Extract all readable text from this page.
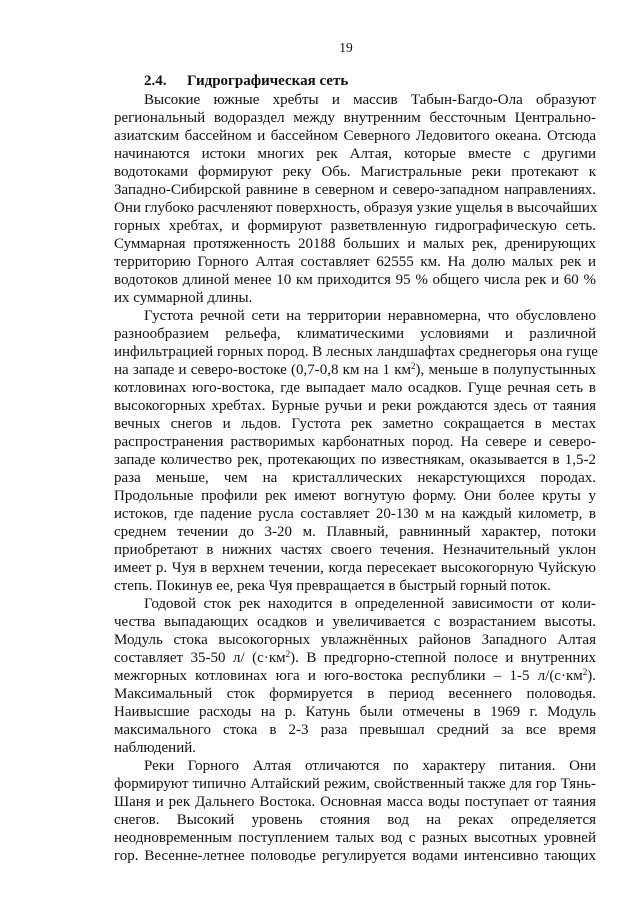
19
2.4. Гидрографическая сеть
Высокие южные хребты и массив Табын-Багдо-Ола образуют
региональный водораздел между внутренним бессточным Центрально-
азиатским бассейном и бассейном Северного Ледовитого океана. Отсюда
начинаются истоки многих рек Алтая, которые вместе с другими
водотоками формируют реку Обь. Магистральные реки протекают к
Западно-Сибирской равнине в северном и северо-западном направлениях.
Они глубоко расчленяют поверхность, образуя узкие ущелья в высочайших
горных хребтах, и формируют разветвленную гидрографическую сеть.
Суммарная протяженность 20188 больших и малых рек, дренирующих
территорию Горного Алтая составляет 62555 км. На долю малых рек и
водотоков длиной менее 10 км приходится 95 % общего числа рек и 60 %
их суммарной длины.
Густота речной сети на территории неравномерна, что обусловлено
разнообразием рельефа, климатическими условиями и различной
инфильтрацией горных пород. В лесных ландшафтах среднегорья она гуще
на западе и северо-востоке (0,7-0,8 км на 1 $км^2$), меньше в полупустынных
котловинах юго-востока, где выпадает мало осадков. Гуще речная сеть в
высокогорных хребтах. Бурные ручьи и реки рождаются здесь от таяния
вечных снегов и льдов. Густота рек заметно сокращается в местах
распространения растворимых карбонатных пород. На севере и северо-
западе количество рек, протекающих по известнякам, оказывается в 1,5-2
раза меньше, чем на кристаллических некарстующихся породах.
Продольные профили рек имеют вогнутую форму. Они более круты у
истоков, где падение русла составляет 20-130 м на каждый километр, в
среднем течении до 3-20 м. Плавный, равнинный характер, потоки
приобретают в нижних частях своего течения. Незначительный уклон
имеет р. Чуя в верхнем течении, когда пересекает высокогорную Чуйскую
степь. Покинув ее, река Чуя превращается в быстрый горный поток.
Годовой сток рек находится в определенной зависимости от коли-
чества выпадающих осадков и увеличивается с возрастанием высоты.
Модуль стока высокогорных увлажнённых районов Западного Алтая
составляет 35-50 л/ $(с\cdot км^2)$. В предгорно-степной полосе и внутренних
межгорных котловинах юга и юго-востока республики – 1-5 $л/(с\cdot км^2)$.
Максимальный сток формируется в период весеннего половодья.
Наивысшие расходы на р. Катунь были отмечены в 1969 г. Модуль
максимального стока в 2-3 раза превышал средний за все время
наблюдений.
Реки Горного Алтая отличаются по характеру питания. Они
формируют типично Алтайский режим, свойственный также для гор Тянь-
Шаня и рек Дальнего Востока. Основная масса воды поступает от таяния
снегов. Высокий уровень стояния вод на реках определяется
неодновременным поступлением талых вод с разных высотных уровней
гор. Весенне-летнее половодье регулируется водами интенсивно тающих
